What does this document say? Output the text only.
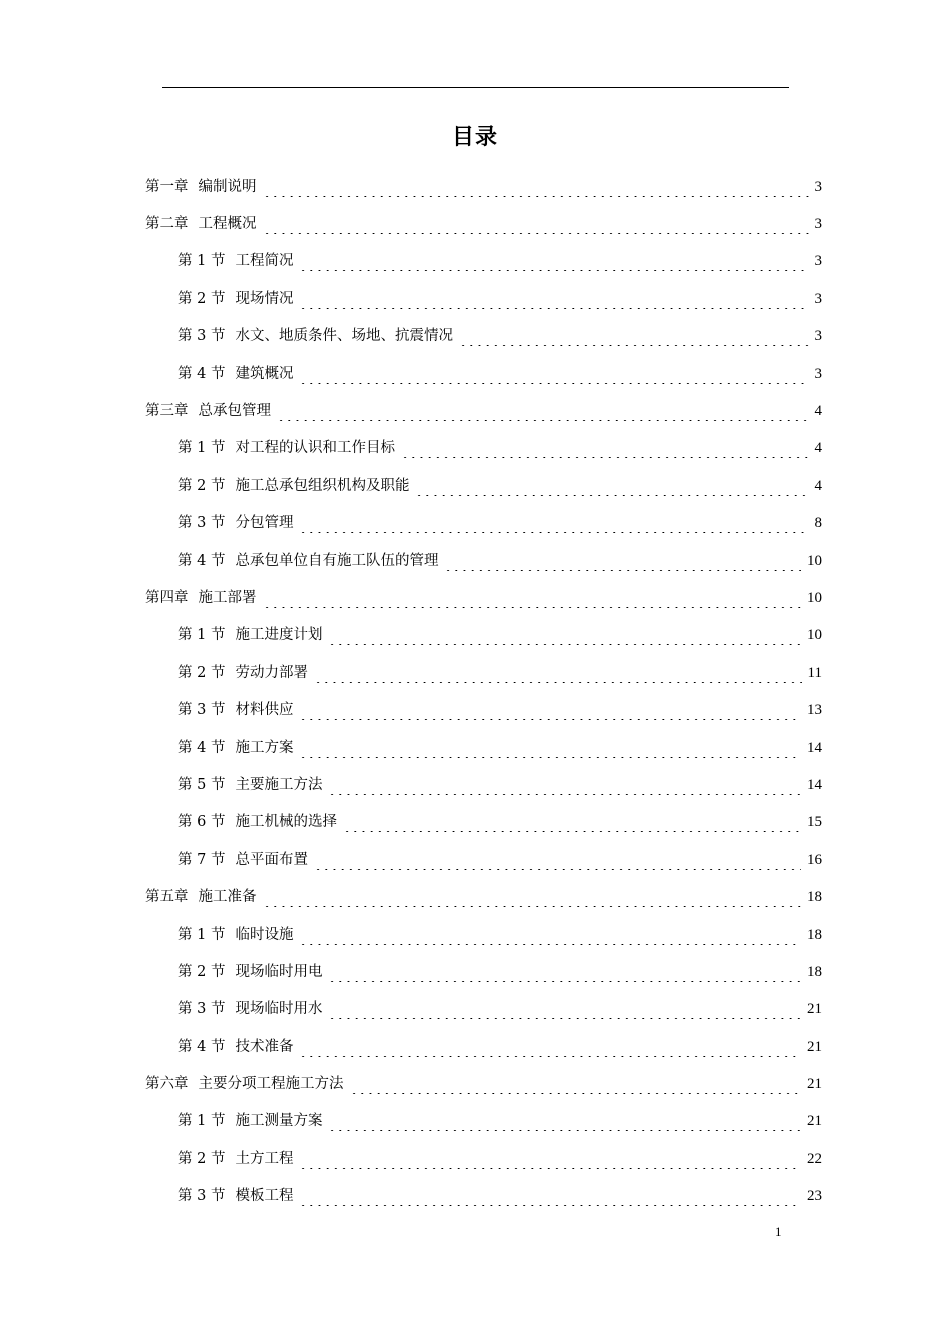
目录
第一章 编制说明	3
第二章 工程概况	3
第 1 节 工程简况	3
第 2 节 现场情况	3
第 3 节 水文、地质条件、场地、抗震情况	3
第 4 节 建筑概况	3
第三章 总承包管理	4
第 1 节 对工程的认识和工作目标	4
第 2 节 施工总承包组织机构及职能	4
第 3 节 分包管理	8
第 4 节 总承包单位自有施工队伍的管理	10
第四章 施工部署	10
第 1 节 施工进度计划	10
第 2 节 劳动力部署	11
第 3 节 材料供应	13
第 4 节 施工方案	14
第 5 节 主要施工方法	14
第 6 节 施工机械的选择	15
第 7 节 总平面布置	16
第五章 施工准备	18
第 1 节 临时设施	18
第 2 节 现场临时用电	18
第 3 节 现场临时用水	21
第 4 节 技术准备	21
第六章 主要分项工程施工方法	21
第 1 节 施工测量方案	21
第 2 节 土方工程	22
第 3 节 模板工程	23
1
